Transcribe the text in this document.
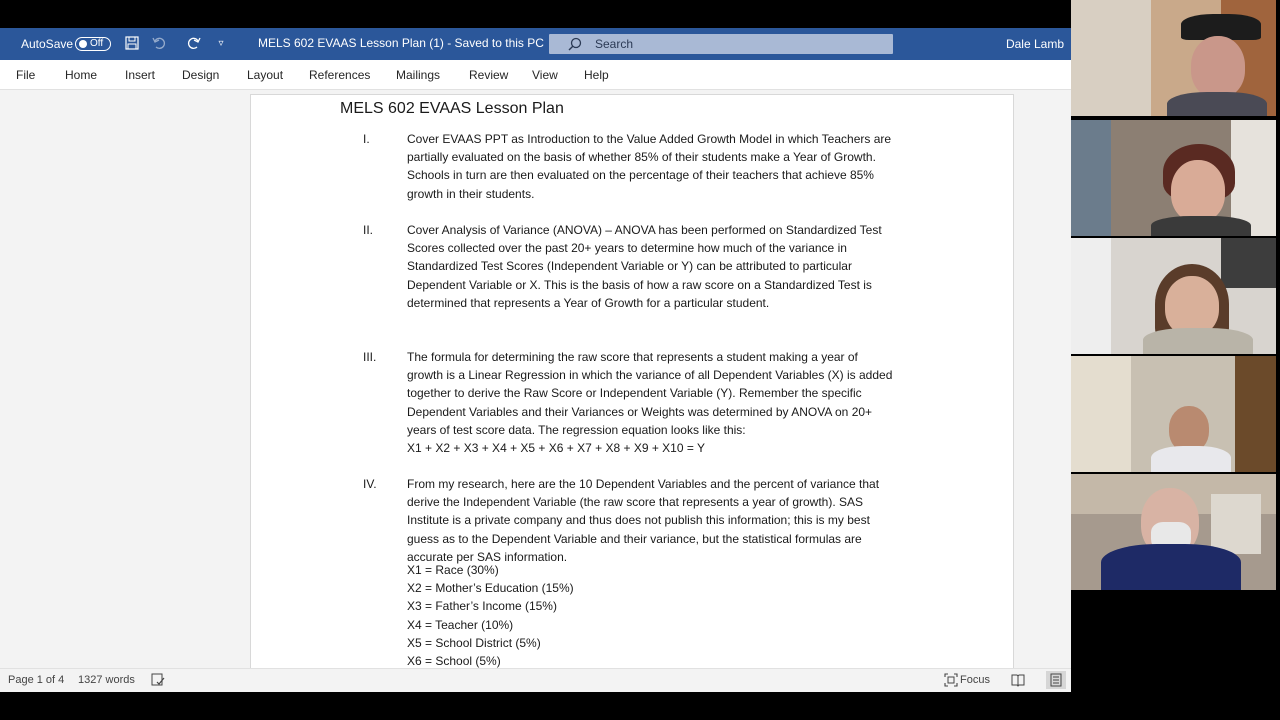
AutoSave Off	▿	MELS 602 EVAAS Lesson Plan (1) - Saved to this PC	Search	Dale Lamb
File Home Insert Design Layout References Mailings Review View Help
MELS 602 EVAAS Lesson Plan
I.	Cover EVAAS PPT as Introduction to the Value Added Growth Model in which Teachers are
partially evaluated on the basis of whether 85% of their students make a Year of Growth.
Schools in turn are then evaluated on the percentage of their teachers that achieve 85%
growth in their students.
II.	Cover Analysis of Variance (ANOVA) – ANOVA has been performed on Standardized Test
Scores collected over the past 20+ years to determine how much of the variance in
Standardized Test Scores (Independent Variable or Y) can be attributed to particular
Dependent Variable or X. This is the basis of how a raw score on a Standardized Test is
determined that represents a Year of Growth for a particular student.
III.	The formula for determining the raw score that represents a student making a year of
growth is a Linear Regression in which the variance of all Dependent Variables (X) is added
together to derive the Raw Score or Independent Variable (Y). Remember the specific
Dependent Variables and their Variances or Weights was determined by ANOVA on 20+
years of test score data. The regression equation looks like this:
X1 + X2 + X3 + X4 + X5 + X6 + X7 + X8 + X9 + X10 = Y
IV.	From my research, here are the 10 Dependent Variables and the percent of variance that
derive the Independent Variable (the raw score that represents a year of growth). SAS
Institute is a private company and thus does not publish this information; this is my best
guess as to the Dependent Variable and their variance, but the statistical formulas are
accurate per SAS information.
X1 = Race (30%)
X2 = Mother’s Education (15%)
X3 = Father’s Income (15%)
X4 = Teacher (10%)
X5 = School District (5%)
X6 = School (5%)
Page 1 of 4 1327 words	Focus
